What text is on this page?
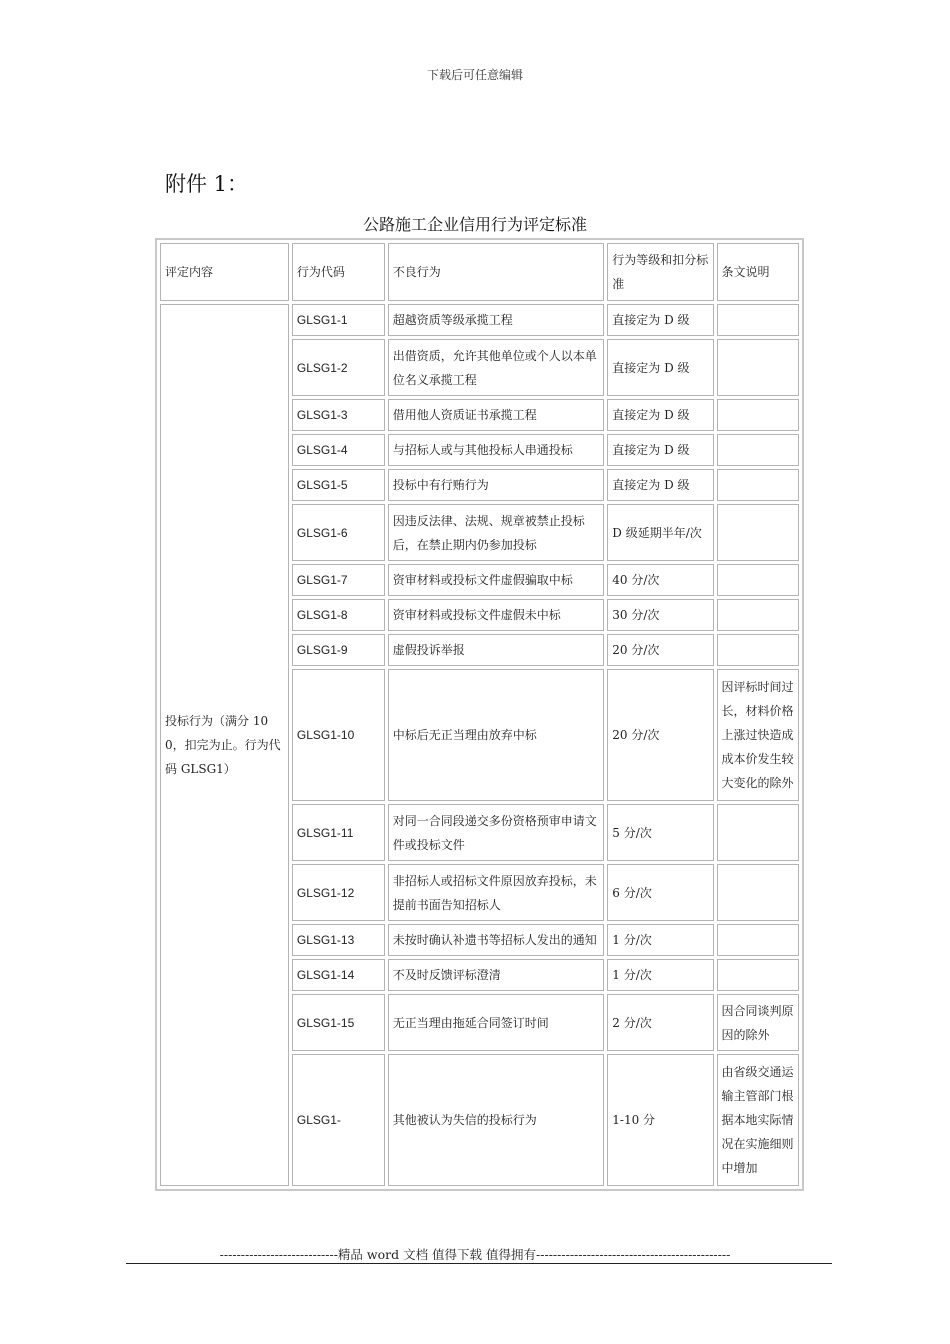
下载后可任意编辑
附件 1：
公路施工企业信用行为评定标准
评定内容	行为代码	不良行为	行为等级和扣分标准	条文说明
投标行为（满分 100，扣完为止。行为代码 GLSG1）	GLSG1-1	超越资质等级承揽工程	直接定为 D 级	
	GLSG1-2	出借资质，允许其他单位或个人以本单位名义承揽工程	直接定为 D 级	
	GLSG1-3	借用他人资质证书承揽工程	直接定为 D 级	
	GLSG1-4	与招标人或与其他投标人串通投标	直接定为 D 级	
	GLSG1-5	投标中有行贿行为	直接定为 D 级	
	GLSG1-6	因违反法律、法规、规章被禁止投标后，在禁止期内仍参加投标	D 级延期半年/次	
	GLSG1-7	资审材料或投标文件虚假骗取中标	40 分/次	
	GLSG1-8	资审材料或投标文件虚假未中标	30 分/次	
	GLSG1-9	虚假投诉举报	20 分/次	
	GLSG1-10	中标后无正当理由放弃中标	20 分/次	因评标时间过长，材料价格上涨过快造成成本价发生较大变化的除外
	GLSG1-11	对同一合同段递交多份资格预审申请文件或投标文件	5 分/次	
	GLSG1-12	非招标人或招标文件原因放弃投标，未提前书面告知招标人	6 分/次	
	GLSG1-13	未按时确认补遗书等招标人发出的通知	1 分/次	
	GLSG1-14	不及时反馈评标澄清	1 分/次	
	GLSG1-15	无正当理由拖延合同签订时间	2 分/次	因合同谈判原因的除外
	GLSG1-	其他被认为失信的投标行为	1-10 分	由省级交通运输主管部门根据本地实际情况在实施细则中增加
----------------------------精品 word 文档 值得下载 值得拥有----------------------------------------------
